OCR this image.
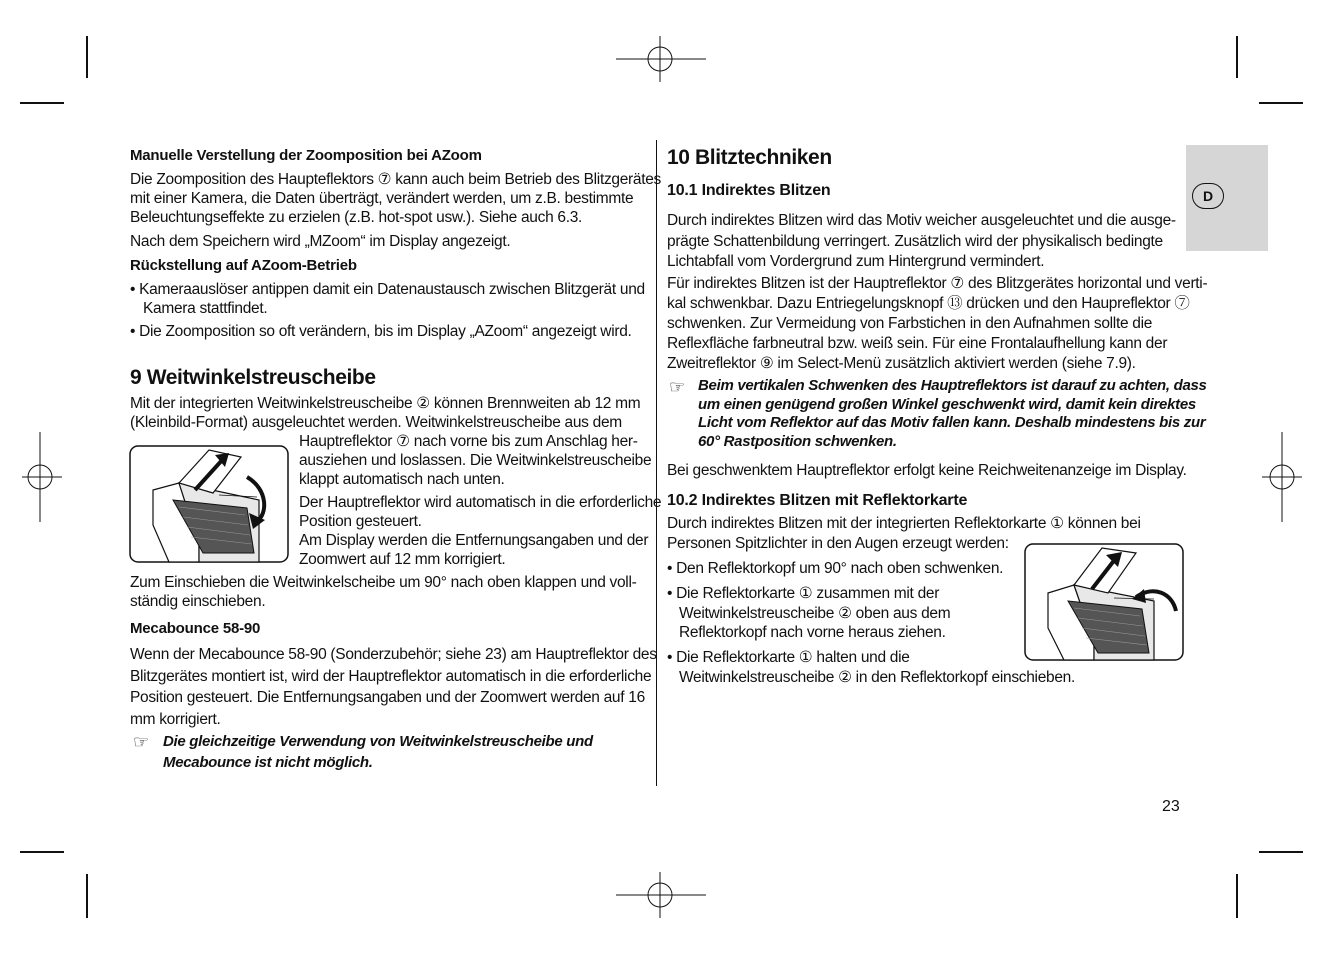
D
Manuelle Verstellung der Zoomposition bei AZoom
Die Zoomposition des Haupteflektors ⑦ kann auch beim Betrieb des Blitzgerätes
mit einer Kamera, die Daten überträgt, verändert werden, um z.B. bestimmte
Beleuchtungseffekte zu erzielen (z.B. hot-spot usw.). Siehe auch 6.3.
Nach dem Speichern wird „MZoom“ im Display angezeigt.
Rückstellung auf AZoom-Betrieb
• Kameraauslöser antippen damit ein Datenaustausch zwischen Blitzgerät und
Kamera stattfindet.
• Die Zoomposition so oft verändern, bis im Display „AZoom“ angezeigt wird.
9 Weitwinkelstreuscheibe
Mit der integrierten Weitwinkelstreuscheibe ② können Brennweiten ab 12 mm
(Kleinbild-Format) ausgeleuchtet werden. Weitwinkelstreuscheibe aus dem
Hauptreflektor ⑦ nach vorne bis zum Anschlag her-
ausziehen und loslassen. Die Weitwinkelstreuscheibe
klappt automatisch nach unten.
Der Hauptreflektor wird automatisch in die erforderliche
Position gesteuert.
Am Display werden die Entfernungsangaben und der
Zoomwert auf 12 mm korrigiert.
Zum Einschieben die Weitwinkelscheibe um 90° nach oben klappen und voll-
ständig einschieben.
Mecabounce 58-90
Wenn der Mecabounce 58-90 (Sonderzubehör; siehe 23) am Hauptreflektor des
Blitzgerätes montiert ist, wird der Hauptreflektor automatisch in die erforderliche
Position gesteuert. Die Entfernungsangaben und der Zoomwert werden auf 16
mm korrigiert.
☞ Die gleichzeitige Verwendung von Weitwinkelstreuscheibe und
Mecabounce ist nicht möglich.
10 Blitztechniken
10.1 Indirektes Blitzen
Durch indirektes Blitzen wird das Motiv weicher ausgeleuchtet und die ausge-
prägte Schattenbildung verringert. Zusätzlich wird der physikalisch bedingte
Lichtabfall vom Vordergrund zum Hintergrund vermindert.
Für indirektes Blitzen ist der Hauptreflektor ⑦ des Blitzgerätes horizontal und verti-
kal schwenkbar. Dazu Entriegelungsknopf ⑬ drücken und den Haupreflektor ⑦
schwenken. Zur Vermeidung von Farbstichen in den Aufnahmen sollte die
Reflexfläche farbneutral bzw. weiß sein. Für eine Frontalaufhellung kann der
Zweitreflektor ⑨ im Select-Menü zusätzlich aktiviert werden (siehe 7.9).
☞ Beim vertikalen Schwenken des Hauptreflektors ist darauf zu achten, dass
um einen genügend großen Winkel geschwenkt wird, damit kein direktes
Licht vom Reflektor auf das Motiv fallen kann. Deshalb mindestens bis zur
60° Rastposition schwenken.
Bei geschwenktem Hauptreflektor erfolgt keine Reichweitenanzeige im Display.
10.2 Indirektes Blitzen mit Reflektorkarte
Durch indirektes Blitzen mit der integrierten Reflektorkarte ① können bei
Personen Spitzlichter in den Augen erzeugt werden:
• Den Reflektorkopf um 90° nach oben schwenken.
• Die Reflektorkarte ① zusammen mit der
Weitwinkelstreuscheibe ② oben aus dem
Reflektorkopf nach vorne heraus ziehen.
• Die Reflektorkarte ① halten und die
Weitwinkelstreuscheibe ② in den Reflektorkopf einschieben.
23
